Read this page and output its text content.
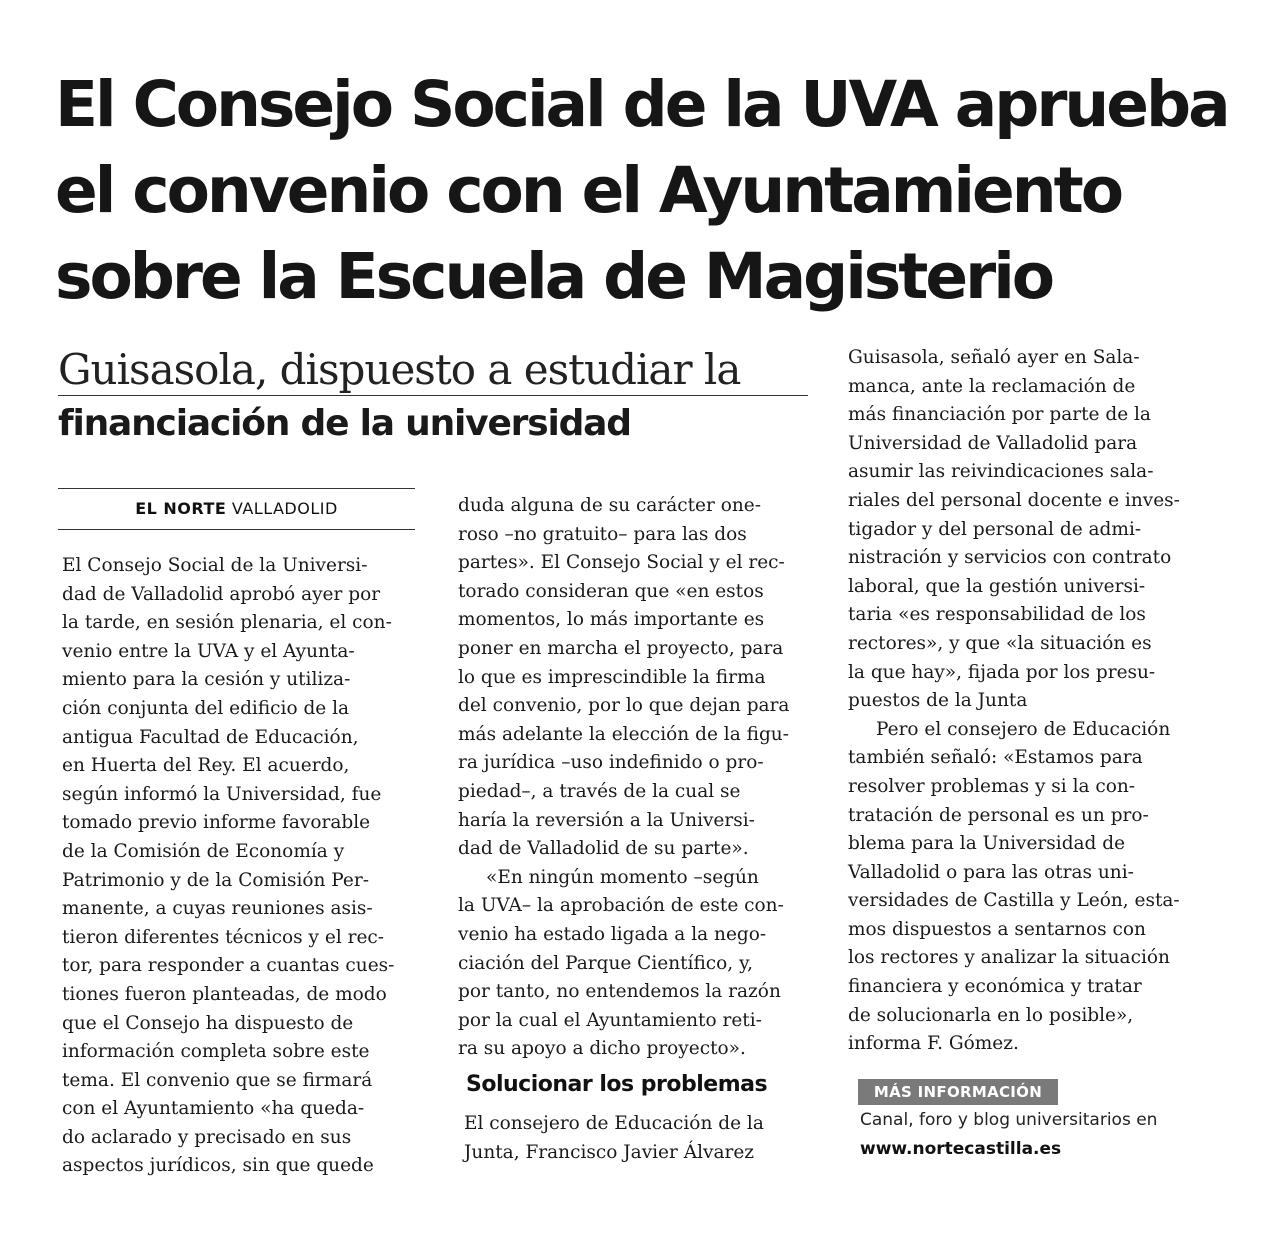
El Consejo Social de la UVA aprueba
el convenio con el Ayuntamiento
sobre la Escuela de Magisterio
Guisasola, dispuesto a estudiar la
financiación de la universidad
EL NORTE VALLADOLID
El Consejo Social de la Universi-
dad de Valladolid aprobó ayer por
la tarde, en sesión plenaria, el con-
venio entre la UVA y el Ayunta-
miento para la cesión y utiliza-
ción conjunta del edificio de la
antigua Facultad de Educación,
en Huerta del Rey. El acuerdo,
según informó la Universidad, fue
tomado previo informe favorable
de la Comisión de Economía y
Patrimonio y de la Comisión Per-
manente, a cuyas reuniones asis-
tieron diferentes técnicos y el rec-
tor, para responder a cuantas cues-
tiones fueron planteadas, de modo
que el Consejo ha dispuesto de
información completa sobre este
tema. El convenio que se firmará
con el Ayuntamiento «ha queda-
do aclarado y precisado en sus
aspectos jurídicos, sin que quede
duda alguna de su carácter one-
roso –no gratuito– para las dos
partes». El Consejo Social y el rec-
torado consideran que «en estos
momentos, lo más importante es
poner en marcha el proyecto, para
lo que es imprescindible la firma
del convenio, por lo que dejan para
más adelante la elección de la figu-
ra jurídica –uso indefinido o pro-
piedad–, a través de la cual se
haría la reversión a la Universi-
dad de Valladolid de su parte».
«En ningún momento –según
la UVA– la aprobación de este con-
venio ha estado ligada a la nego-
ciación del Parque Científico, y,
por tanto, no entendemos la razón
por la cual el Ayuntamiento reti-
ra su apoyo a dicho proyecto».
Solucionar los problemas
El consejero de Educación de la
Junta, Francisco Javier Álvarez
Guisasola, señaló ayer en Sala-
manca, ante la reclamación de
más financiación por parte de la
Universidad de Valladolid para
asumir las reivindicaciones sala-
riales del personal docente e inves-
tigador y del personal de admi-
nistración y servicios con contrato
laboral, que la gestión universi-
taria «es responsabilidad de los
rectores», y que «la situación es
la que hay», fijada por los presu-
puestos de la Junta
Pero el consejero de Educación
también señaló: «Estamos para
resolver problemas y si la con-
tratación de personal es un pro-
blema para la Universidad de
Valladolid o para las otras uni-
versidades de Castilla y León, esta-
mos dispuestos a sentarnos con
los rectores y analizar la situación
financiera y económica y tratar
de solucionarla en lo posible»,
informa F. Gómez.
MÁS INFORMACIÓN
Canal, foro y blog universitarios en
www.nortecastilla.es
